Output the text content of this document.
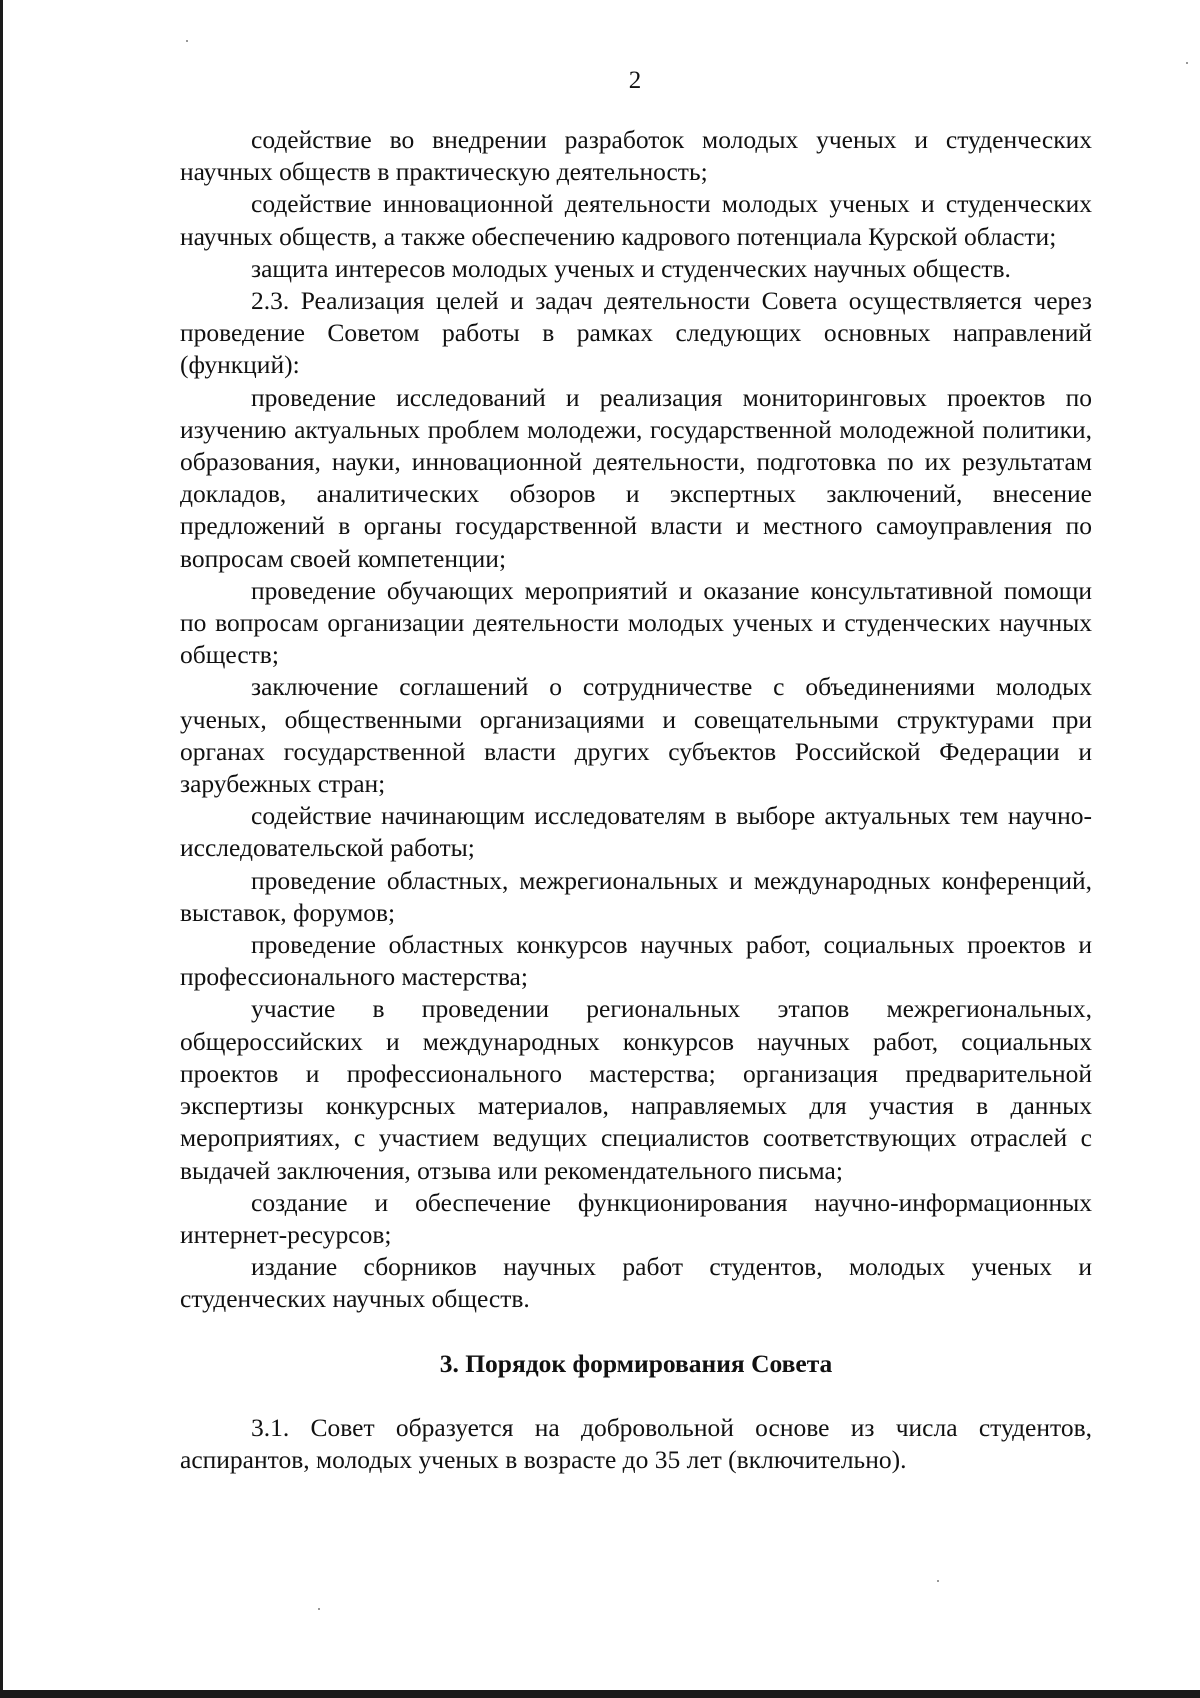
2

содействие во внедрении разработок молодых ученых и студенческих научных обществ в практическую деятельность;

содействие инновационной деятельности молодых ученых и студенческих научных обществ, а также обеспечению кадрового потенциала Курской области;

защита интересов молодых ученых и студенческих научных обществ.

2.3. Реализация целей и задач деятельности Совета осуществляется через проведение Советом работы в рамках следующих основных направлений (функций):

проведение исследований и реализация мониторинговых проектов по изучению актуальных проблем молодежи, государственной молодежной политики, образования, науки, инновационной деятельности, подготовка по их результатам докладов, аналитических обзоров и экспертных заключений, внесение предложений в органы государственной власти и местного самоуправления по вопросам своей компетенции;

проведение обучающих мероприятий и оказание консультативной помощи по вопросам организации деятельности молодых ученых и студенческих научных обществ;

заключение соглашений о сотрудничестве с объединениями молодых ученых, общественными организациями и совещательными структурами при органах государственной власти других субъектов Российской Федерации и зарубежных стран;

содействие начинающим исследователям в выборе актуальных тем научно-исследовательской работы;

проведение областных, межрегиональных и международных конференций, выставок, форумов;

проведение областных конкурсов научных работ, социальных проектов и профессионального мастерства;

участие в проведении региональных этапов межрегиональных, общероссийских и международных конкурсов научных работ, социальных проектов и профессионального мастерства; организация предварительной экспертизы конкурсных материалов, направляемых для участия в данных мероприятиях, с участием ведущих специалистов соответствующих отраслей с выдачей заключения, отзыва или рекомендательного письма;

создание и обеспечение функционирования научно-информационных интернет-ресурсов;

издание сборников научных работ студентов, молодых ученых и студенческих научных обществ.

3. Порядок формирования Совета

3.1. Совет образуется на добровольной основе из числа студентов, аспирантов, молодых ученых в возрасте до 35 лет (включительно).
